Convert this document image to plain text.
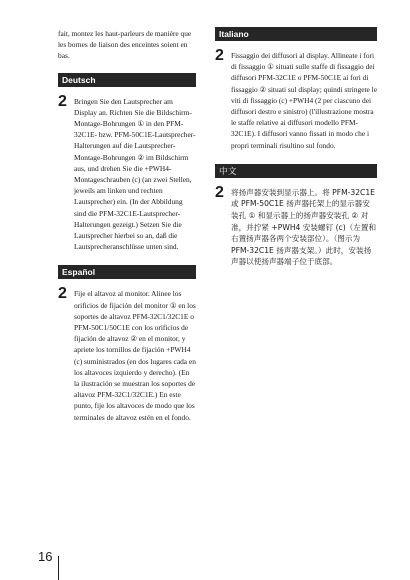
fait, montez les haut-parleurs de manière que les bornes de liaison des enceintes soient en bas.

Deutsch
2 Bringen Sie den Lautsprecher am Display an. Richten Sie die Bildschirm-Montage-Bohrungen ① in den PFM-32C1E- bzw. PFM-50C1E-Lautsprecher-Halterungen auf die Lautsprecher-Montage-Bohrungen ② im Bildschirm aus, und drehen Sie die +PWH4-Montageschrauben (c) (an zwei Stellen, jeweils am linken und rechten Lautsprecher) ein. (In der Abbildung sind die PFM-32C1E-Lautsprecher-Halterungen gezeigt.) Setzen Sie die Lautsprecher hierbei so an, daß die Lautsprecheranschlüsse unten sind.

Español
2 Fije el altavoz al monitor. Alinee los orificios de fijación del monitor ① en los soportes de altavoz PFM-32C1/32C1E o PFM-50C1/50C1E con los orificios de fijación de altavoz ② en el monitor, y apriete los tornillos de fijación +PWH4 (c) suministrados (en dos lugares cada en los altavoces izquierdo y derecho). (En la ilustración se muestran los soportes de altavoz PFM-32C1/32C1E.) En este punto, fije los altavoces de modo que los terminales de altavoz estén en el fondo.

Italiano
2 Fissaggio dei diffusori al display. Allineate i fori di fissaggio ① situati sulle staffe di fissaggio dei diffusori PFM-32C1E o PFM-50C1E ai fori di fissaggio ② situati sul display; quindi stringete le viti di fissaggio (c) +PWH4 (2 per ciascuno dei diffusori destro e sinistro) (l'illustrazione mostra le staffe relative ai diffusori modello PFM-32C1E). I diffusori vanno fissati in modo che i propri terminali risultino sul fondo.

中文
2 将扬声器安装到显示器上。将 PFM-32C1E 或 PFM-50C1E 扬声器托架上的显示器安装孔 ① 和显示器上的扬声器安装孔 ② 对准，并拧紧 +PWH4 安装螺钉 (c)（左置和右置扬声器各两个安装部位）。（图示为 PFM-32C1E 扬声器支架。）此时，安装扬声器以使扬声器端子位于底部。

16
